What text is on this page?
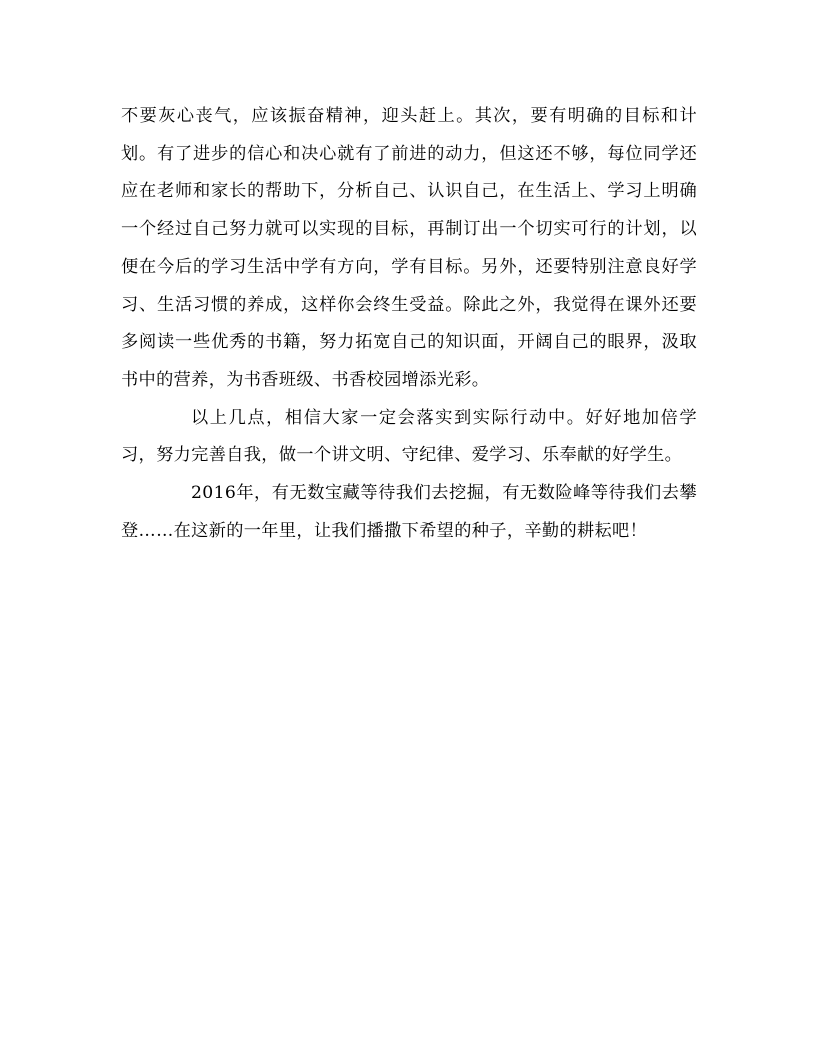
不要灰心丧气，应该振奋精神，迎头赶上。其次，要有明确的目标和计划。有了进步的信心和决心就有了前进的动力，但这还不够，每位同学还应在老师和家长的帮助下，分析自己、认识自己，在生活上、学习上明确一个经过自己努力就可以实现的目标，再制订出一个切实可行的计划，以便在今后的学习生活中学有方向，学有目标。另外，还要特别注意良好学习、生活习惯的养成，这样你会终生受益。除此之外，我觉得在课外还要多阅读一些优秀的书籍，努力拓宽自己的知识面，开阔自己的眼界，汲取书中的营养，为书香班级、书香校园增添光彩。

以上几点，相信大家一定会落实到实际行动中。好好地加倍学习，努力完善自我，做一个讲文明、守纪律、爱学习、乐奉献的好学生。

2016年，有无数宝藏等待我们去挖掘，有无数险峰等待我们去攀登……在这新的一年里，让我们播撒下希望的种子，辛勤的耕耘吧！
